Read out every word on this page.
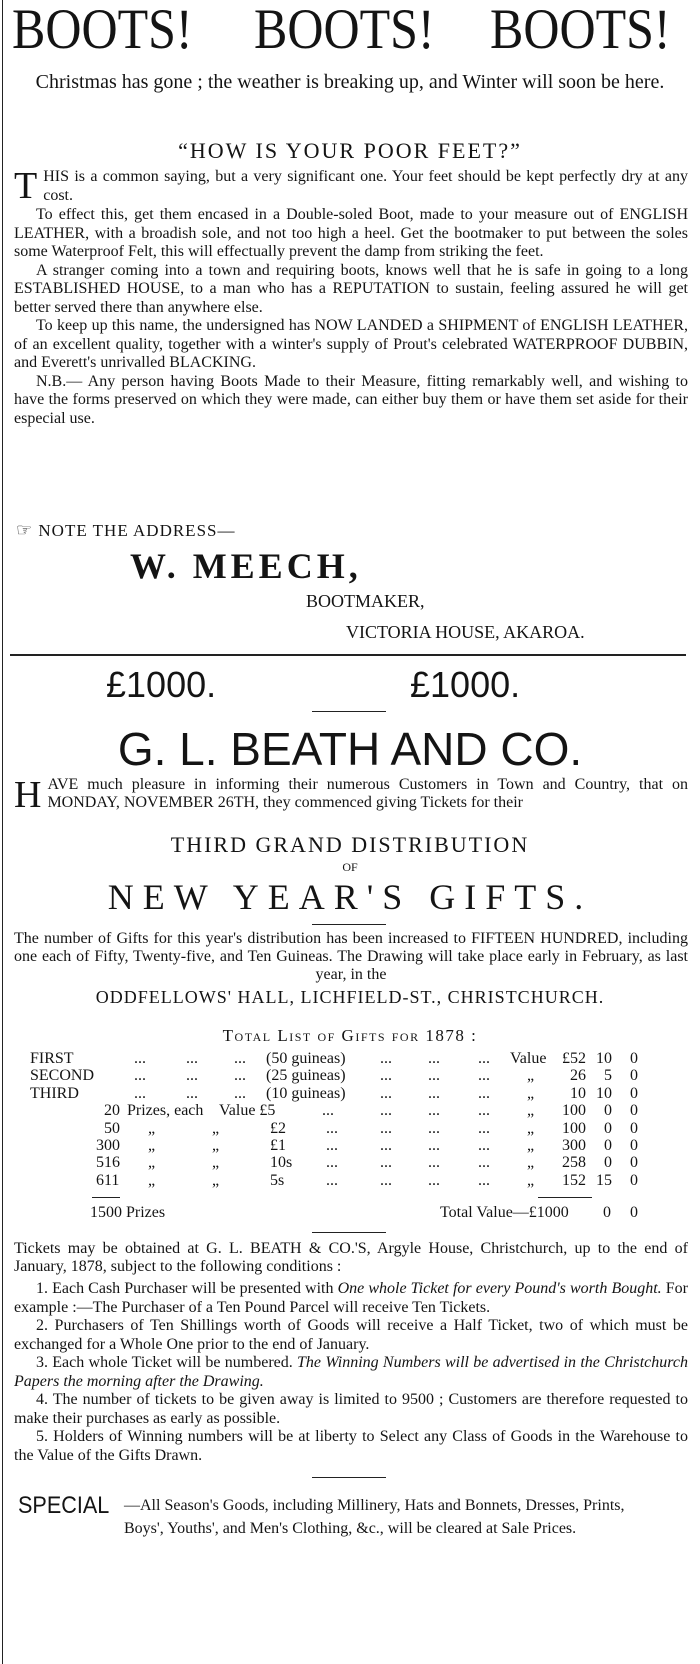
BOOTS! BOOTS! BOOTS!
Christmas has gone ; the weather is breaking up, and Winter will soon be here.
“HOW IS YOUR POOR FEET?”

THIS is a common saying, but a very significant one. Your feet should be kept perfectly dry at any cost.

To effect this, get them encased in a Double-soled Boot, made to your measure out of ENGLISH LEATHER, with a broadish sole, and not too high a heel. Get the bootmaker to put between the soles some Waterproof Felt, this will effectually prevent the damp from striking the feet.

A stranger coming into a town and requiring boots, knows well that he is safe in going to a long ESTABLISHED HOUSE, to a man who has a REPUTATION to sustain, feeling assured he will get better served there than anywhere else.

To keep up this name, the undersigned has NOW LANDED a SHIPMENT of ENGLISH LEATHER, of an excellent quality, together with a winter's supply of Prout's celebrated WATERPROOF DUBBIN, and Everett's unrivalled BLACKING.

N.B.— Any person having Boots Made to their Measure, fitting remarkably well, and wishing to have the forms preserved on which they were made, can either buy them or have them set aside for their especial use.

☞ NOTE THE ADDRESS—
W. MEECH,
BOOTMAKER,
VICTORIA HOUSE, AKAROA.
£1000.	£1000.
G. L. BEATH AND CO.

HAVE much pleasure in informing their numerous Customers in Town and Country, that on MONDAY, NOVEMBER 26TH, they commenced giving Tickets for their

THIRD GRAND DISTRIBUTION
OF
NEW YEAR'S GIFTS.

The number of Gifts for this year's distribution has been increased to FIFTEEN HUNDRED, including one each of Fifty, Twenty-five, and Ten Guineas. The Drawing will take place early in February, as last year, in the

ODDFELLOWS' HALL, LICHFIELD-ST., CHRISTCHURCH.
Total List of Gifts for 1878 :
FIRST	...	... ... (50 guineas) ... ... ... Value £52 10 0
SECOND ...	... ... (25 guineas) ... ... ... „ 26 5 0
THIRD	...	... ... (10 guineas) ... ... ... „ 10 10 0
20 Prizes, each Value £5	...	... ... ... „ 100 0 0
50 „	„	£2	...	... ... ... „ 100 0 0
300 „	„	£1	...	... ... ... „ 300 0 0
516 „	„	10s ...	... ... ... „ 258 0 0
611 „	„	5s	...	... ... ... „ 152 15 0
1500 Prizes	Total Value—£1000 0 0

Tickets may be obtained at G. L. BEATH & CO.'S, Argyle House, Christchurch, up to the end of January, 1878, subject to the following conditions :

1. Each Cash Purchaser will be presented with One whole Ticket for every Pound's worth Bought. For example :—The Purchaser of a Ten Pound Parcel will receive Ten Tickets.

2. Purchasers of Ten Shillings worth of Goods will receive a Half Ticket, two of which must be exchanged for a Whole One prior to the end of January.

3. Each whole Ticket will be numbered. The Winning Numbers will be advertised in the Christchurch Papers the morning after the Drawing.

4. The number of tickets to be given away is limited to 9500 ; Customers are therefore requested to make their purchases as early as possible.

5. Holders of Winning numbers will be at liberty to Select any Class of Goods in the Warehouse to the Value of the Gifts Drawn.

SPECIAL —All Season's Goods, including Millinery, Hats and Bonnets, Dresses, Prints, Boys', Youths', and Men's Clothing, &c., will be cleared at Sale Prices.
